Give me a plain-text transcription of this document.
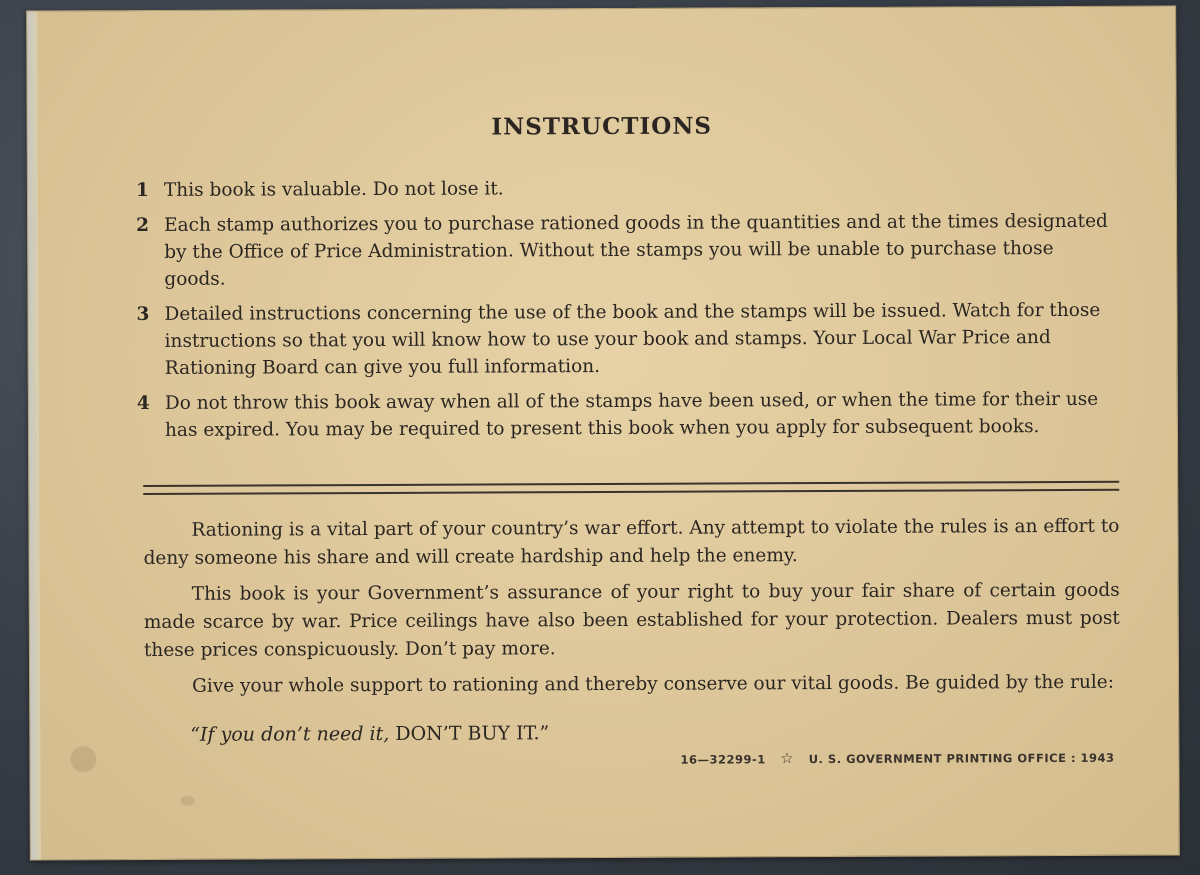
INSTRUCTIONS
1 This book is valuable. Do not lose it.
2 Each stamp authorizes you to purchase rationed goods in the quantities and at the times designated by the Office of Price Administration. Without the stamps you will be unable to purchase those goods.
3 Detailed instructions concerning the use of the book and the stamps will be issued. Watch for those instructions so that you will know how to use your book and stamps. Your Local War Price and Rationing Board can give you full information.
4 Do not throw this book away when all of the stamps have been used, or when the time for their use has expired. You may be required to present this book when you apply for subsequent books.

Rationing is a vital part of your country’s war effort. Any attempt to violate the rules is an effort to deny someone his share and will create hardship and help the enemy.

This book is your Government’s assurance of your right to buy your fair share of certain goods made scarce by war. Price ceilings have also been established for your protection. Dealers must post these prices conspicuously. Don’t pay more.

Give your whole support to rationing and thereby conserve our vital goods. Be guided by the rule:

“If you don’t need it, DON’T BUY IT.”
16—32299-1 ☆ U. S. GOVERNMENT PRINTING OFFICE : 1943
